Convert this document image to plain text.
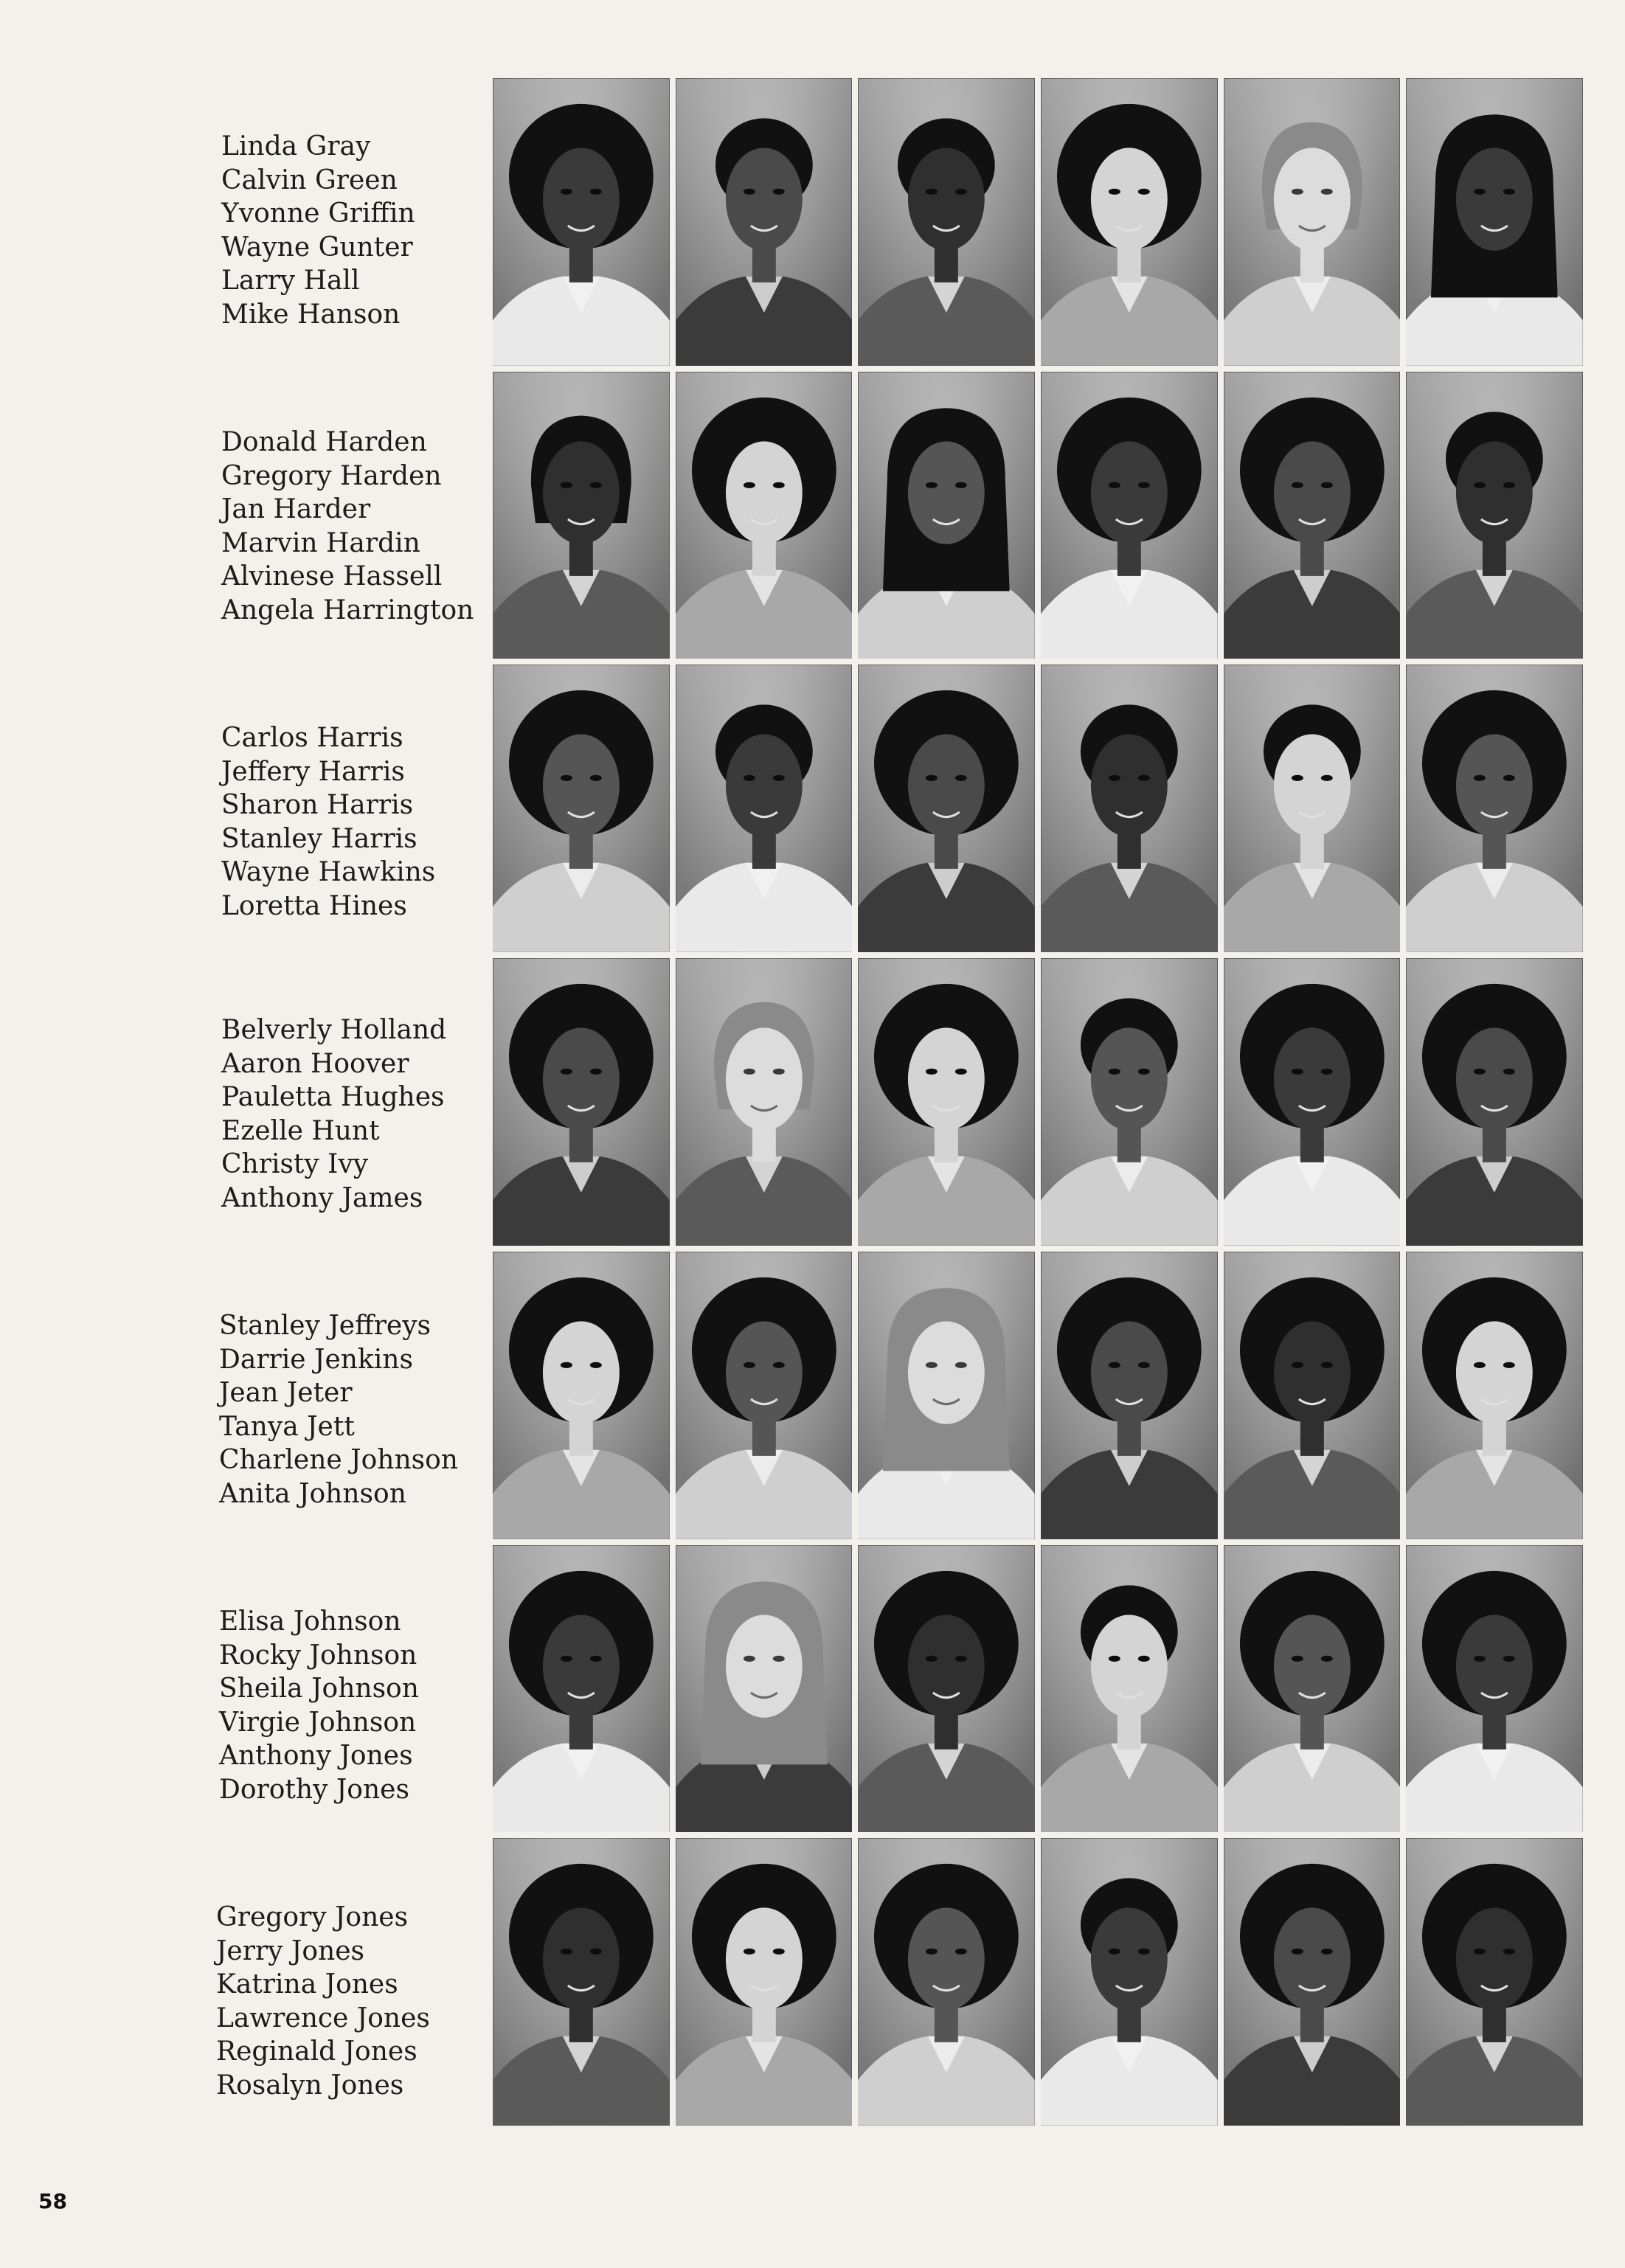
Linda Gray
Calvin Green
Yvonne Griffin
Wayne Gunter
Larry Hall
Mike Hanson
Donald Harden
Gregory Harden
Jan Harder
Marvin Hardin
Alvinese Hassell
Angela Harrington
Carlos Harris
Jeffery Harris
Sharon Harris
Stanley Harris
Wayne Hawkins
Loretta Hines
Belverly Holland
Aaron Hoover
Pauletta Hughes
Ezelle Hunt
Christy Ivy
Anthony James
Stanley Jeffreys
Darrie Jenkins
Jean Jeter
Tanya Jett
Charlene Johnson
Anita Johnson
Elisa Johnson
Rocky Johnson
Sheila Johnson
Virgie Johnson
Anthony Jones
Dorothy Jones
Gregory Jones
Jerry Jones
Katrina Jones
Lawrence Jones
Reginald Jones
Rosalyn Jones
58
